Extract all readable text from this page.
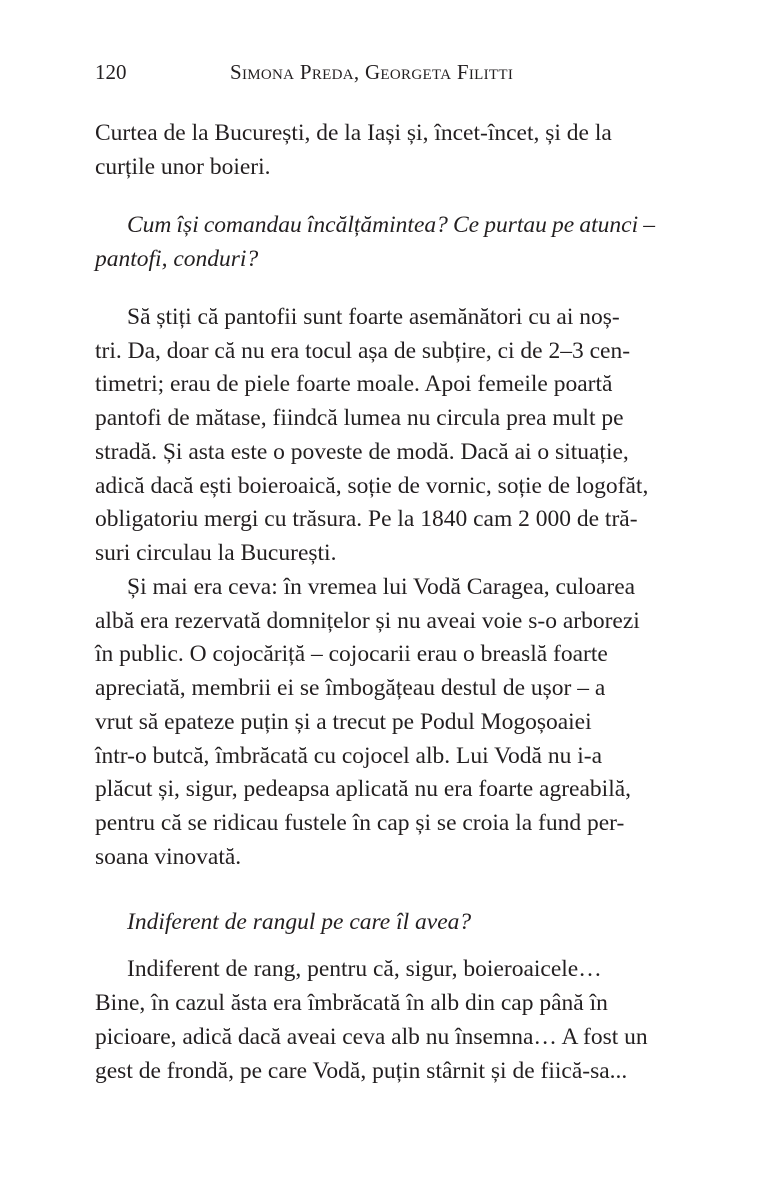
120	Simona Preda, Georgeta Filitti
Curtea de la București, de la Iași și, încet-încet, și de la
curțile unor boieri.
Cum își comandau încălțămintea? Ce purtau pe atunci –
pantofi, conduri?
Să știți că pantofii sunt foarte asemănători cu ai noș-
tri. Da, doar că nu era tocul așa de subțire, ci de 2–3 cen-
timetri; erau de piele foarte moale. Apoi femeile poartă
pantofi de mătase, fiindcă lumea nu circula prea mult pe
stradă. Și asta este o poveste de modă. Dacă ai o situație,
adică dacă ești boieroaică, soție de vornic, soție de logofăt,
obligatoriu mergi cu trăsura. Pe la 1840 cam 2 000 de tră-
suri circulau la București.
Și mai era ceva: în vremea lui Vodă Caragea, culoarea
albă era rezervată domnițelor și nu aveai voie s-o arborezi
în public. O cojocăriță – cojocarii erau o breaslă foarte
apreciată, membrii ei se îmbogățeau destul de ușor – a
vrut să epateze puțin și a trecut pe Podul Mogoșoaiei
într-o butcă, îmbrăcată cu cojocel alb. Lui Vodă nu i-a
plăcut și, sigur, pedeapsa aplicată nu era foarte agreabilă,
pentru că se ridicau fustele în cap și se croia la fund per-
soana vinovată.
Indiferent de rangul pe care îl avea?
Indiferent de rang, pentru că, sigur, boieroaicele…
Bine, în cazul ăsta era îmbrăcată în alb din cap până în
picioare, adică dacă aveai ceva alb nu însemna… A fost un
gest de frondă, pe care Vodă, puțin stârnit și de fiică-sa...
